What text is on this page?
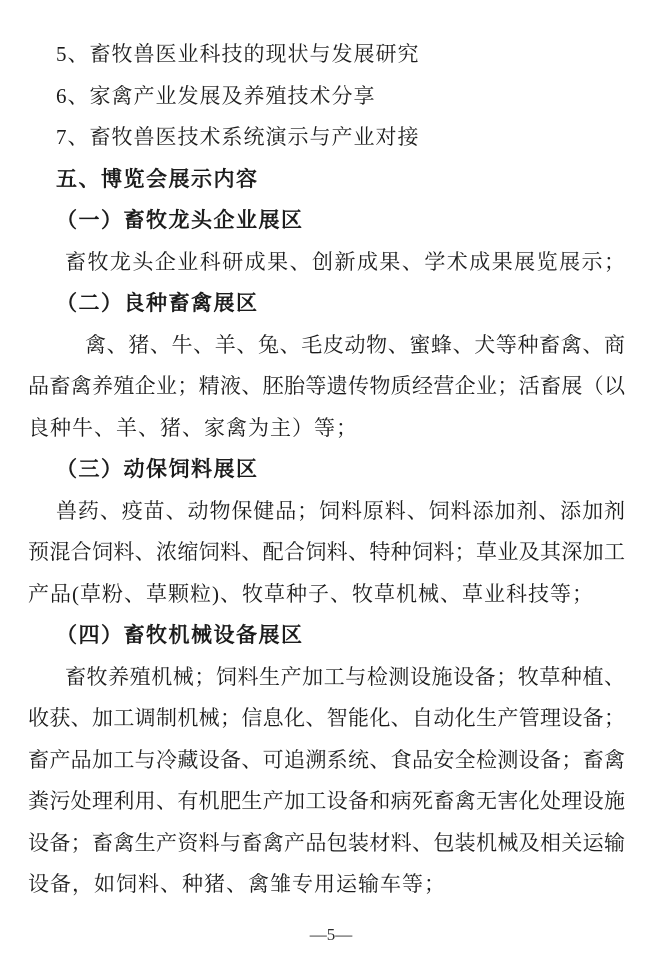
5、畜牧兽医业科技的现状与发展研究

6、家禽产业发展及养殖技术分享

7、畜牧兽医技术系统演示与产业对接

五、博览会展示内容

（一）畜牧龙头企业展区

畜牧龙头企业科研成果、创新成果、学术成果展览展示；

（二）良种畜禽展区

禽、猪、牛、羊、兔、毛皮动物、蜜蜂、犬等种畜禽、商

品畜禽养殖企业；精液、胚胎等遗传物质经营企业；活畜展（以

良种牛、羊、猪、家禽为主）等；

（三）动保饲料展区

兽药、疫苗、动物保健品；饲料原料、饲料添加剂、添加剂

预混合饲料、浓缩饲料、配合饲料、特种饲料；草业及其深加工

产品(草粉、草颗粒)、牧草种子、牧草机械、草业科技等；

（四）畜牧机械设备展区

畜牧养殖机械；饲料生产加工与检测设施设备；牧草种植、

收获、加工调制机械；信息化、智能化、自动化生产管理设备；

畜产品加工与冷藏设备、可追溯系统、食品安全检测设备；畜禽

粪污处理利用、有机肥生产加工设备和病死畜禽无害化处理设施

设备；畜禽生产资料与畜禽产品包装材料、包装机械及相关运输

设备，如饲料、种猪、禽雏专用运输车等；

—5—
